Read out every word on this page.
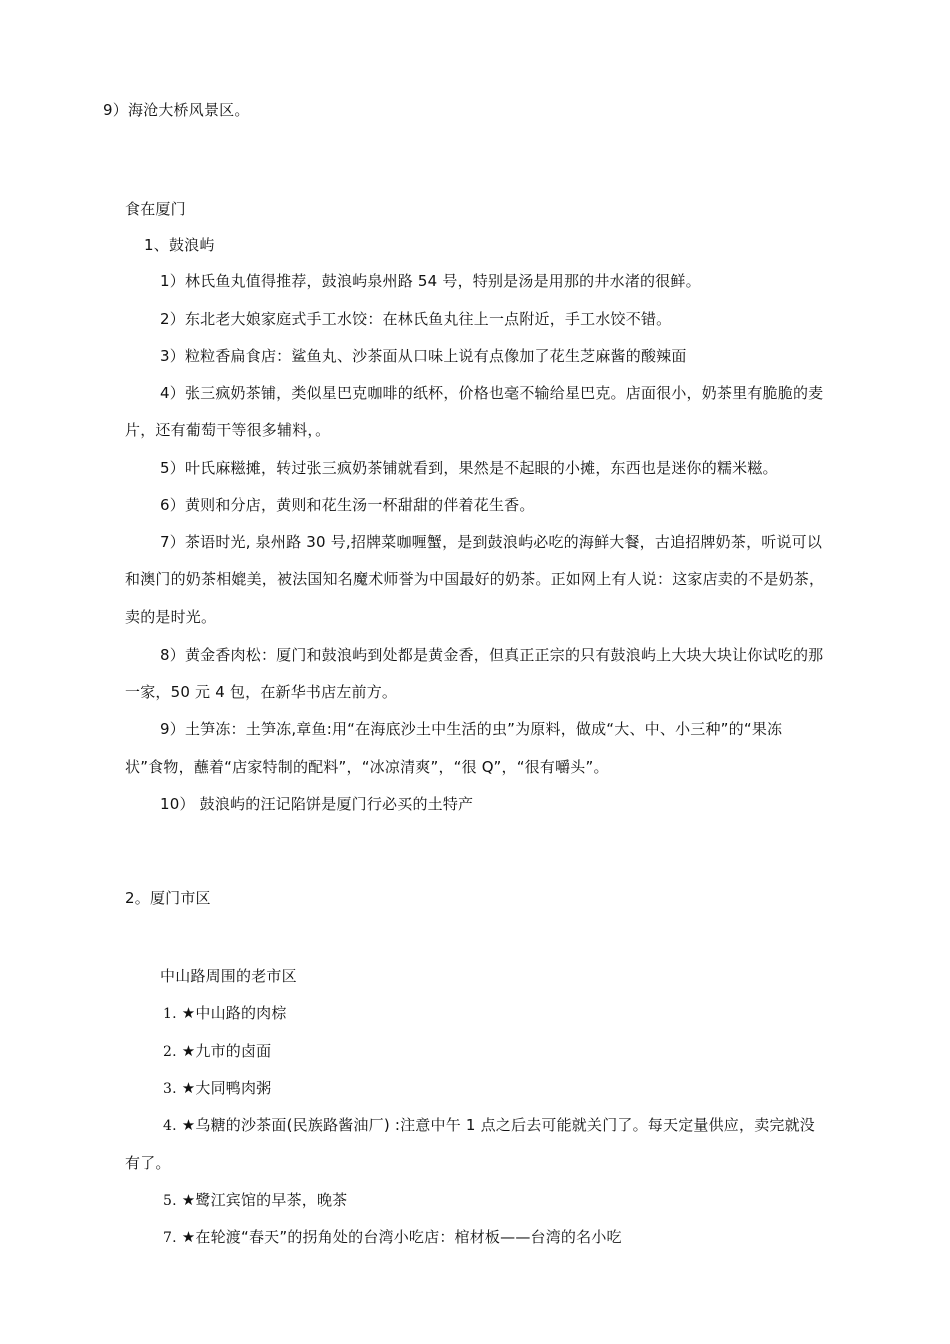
9）海沧大桥风景区。
食在厦门
1、鼓浪屿
1）林氏鱼丸值得推荐，鼓浪屿泉州路 54 号，特别是汤是用那的井水渚的很鲜。
2）东北老大娘家庭式手工水饺：在林氏鱼丸往上一点附近，手工水饺不错。
3）粒粒香扁食店：鲨鱼丸、沙茶面从口味上说有点像加了花生芝麻酱的酸辣面
4）张三疯奶茶铺，类似星巴克咖啡的纸杯，价格也毫不输给星巴克。店面很小，奶茶里有脆脆的麦
片，还有葡萄干等很多辅料，。
5）叶氏麻糍摊，转过张三疯奶茶铺就看到，果然是不起眼的小摊，东西也是迷你的糯米糍。
6）黄则和分店，黄则和花生汤一杯甜甜的伴着花生香。
7）茶语时光, 泉州路 30 号,招牌菜咖喱蟹，是到鼓浪屿必吃的海鲜大餐，古追招牌奶茶，听说可以
和澳门的奶茶相媲美，被法国知名魔术师誉为中国最好的奶茶。正如网上有人说：这家店卖的不是奶茶，
卖的是时光。
8）黄金香肉松：厦门和鼓浪屿到处都是黄金香，但真正正宗的只有鼓浪屿上大块大块让你试吃的那
一家，50 元 4 包，在新华书店左前方。
9）土笋冻：土笋冻,章鱼:用“在海底沙土中生活的虫”为原料，做成“大、中、小三种”的“果冻
状”食物，蘸着“店家特制的配料”，“冰凉清爽”，“很 Q”，“很有嚼头”。
10） 鼓浪屿的汪记陷饼是厦门行必买的土特产
2。厦门市区
中山路周围的老市区
1. ★中山路的肉棕
2. ★九市的卤面
3. ★大同鸭肉粥
4. ★乌糖的沙茶面(民族路酱油厂) :注意中午 1 点之后去可能就关门了。每天定量供应，卖完就没
有了。
5. ★鹭江宾馆的早茶，晚茶
7. ★在轮渡“春天”的拐角处的台湾小吃店：棺材板——台湾的名小吃
